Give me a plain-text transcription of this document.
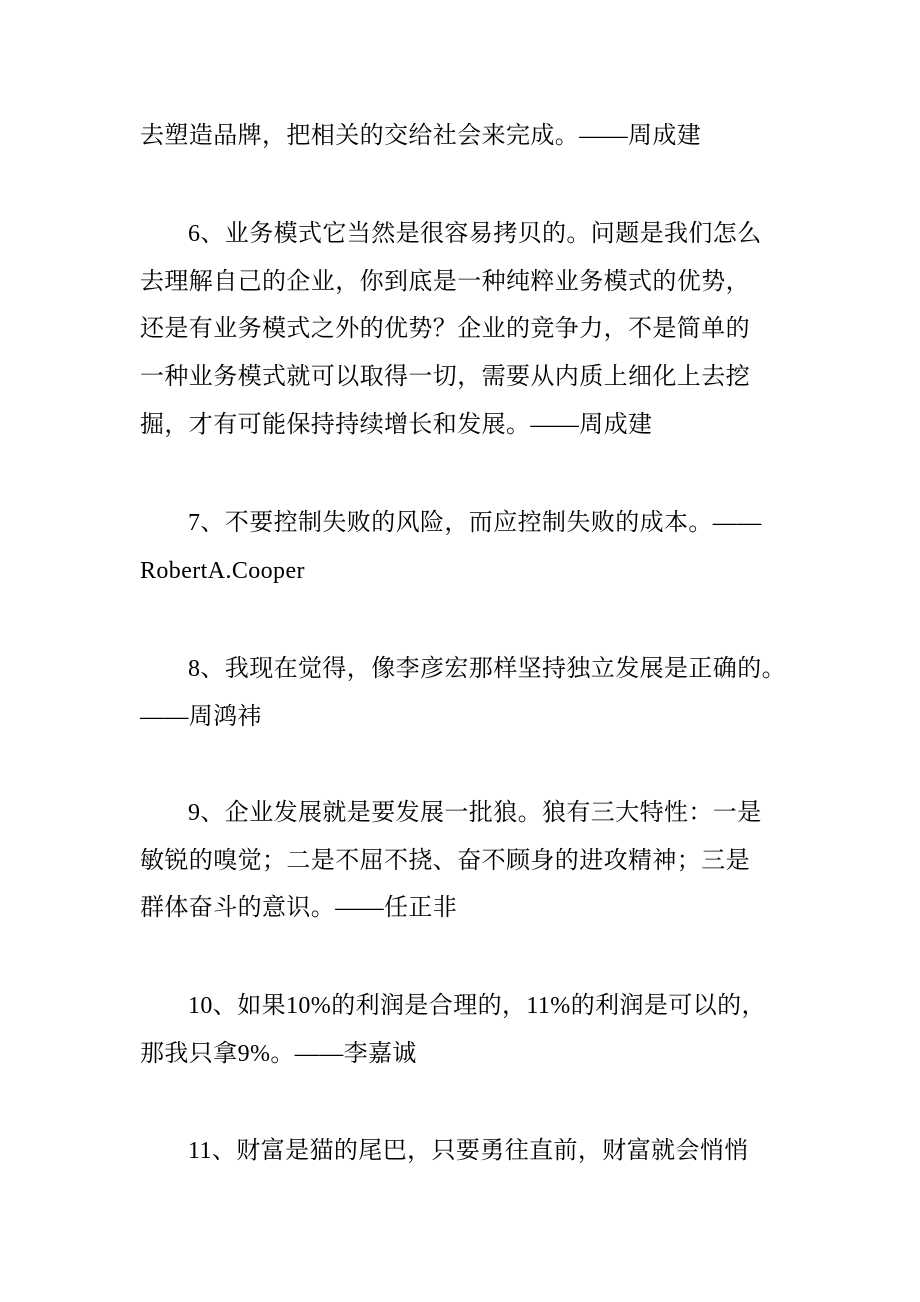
去塑造品牌，把相关的交给社会来完成。——周成建
6、业务模式它当然是很容易拷贝的。问题是我们怎么
去理解自己的企业，你到底是一种纯粹业务模式的优势，
还是有业务模式之外的优势？企业的竞争力，不是简单的
一种业务模式就可以取得一切，需要从内质上细化上去挖
掘，才有可能保持持续增长和发展。——周成建
7、不要控制失败的风险，而应控制失败的成本。——
RobertA.Cooper
8、我现在觉得，像李彦宏那样坚持独立发展是正确的。
——周鸿祎
9、企业发展就是要发展一批狼。狼有三大特性：一是
敏锐的嗅觉；二是不屈不挠、奋不顾身的进攻精神；三是
群体奋斗的意识。——任正非
10、如果10%的利润是合理的，11%的利润是可以的，
那我只拿9%。——李嘉诚
11、财富是猫的尾巴，只要勇往直前，财富就会悄悄
